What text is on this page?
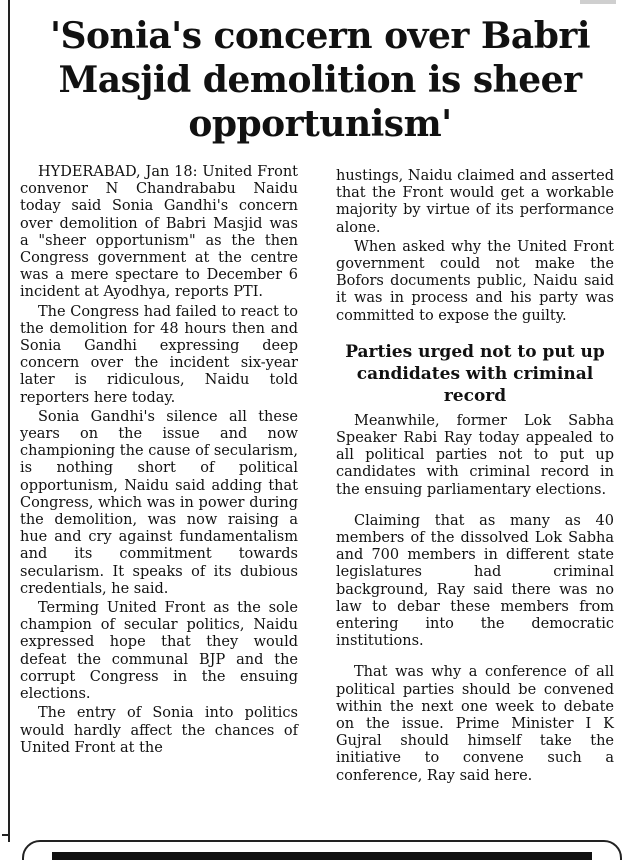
'Sonia's concern over Babri Masjid demolition is sheer opportunism'

HYDERABAD, Jan 18: United Front convenor N Chandrababu Naidu today said Sonia Gandhi's concern over demolition of Babri Masjid was a "sheer opportunism" as the then Congress government at the centre was a mere spectare to December 6 incident at Ayodhya, reports PTI.

The Congress had failed to react to the demolition for 48 hours then and Sonia Gandhi expressing deep concern over the incident six-year later is ridiculous, Naidu told reporters here today.

Sonia Gandhi's silence all these years on the issue and now championing the cause of secularism, is nothing short of political opportunism, Naidu said adding that Congress, which was in power during the demolition, was now raising a hue and cry against fundamentalism and its commitment towards secularism. It speaks of its dubious credentials, he said.

Terming United Front as the sole champion of secular politics, Naidu expressed hope that they would defeat the communal BJP and the corrupt Congress in the ensuing elections.

The entry of Sonia into politics would hardly affect the chances of United Front at the

hustings, Naidu claimed and asserted that the Front would get a workable majority by virtue of its performance alone.

When asked why the United Front government could not make the Bofors documents public, Naidu said it was in process and his party was committed to expose the guilty.

Parties urged not to put up candidates with criminal record

Meanwhile, former Lok Sabha Speaker Rabi Ray today appealed to all political parties not to put up candidates with criminal record in the ensuing parliamentary elections.

Claiming that as many as 40 members of the dissolved Lok Sabha and 700 members in different state legislatures had criminal background, Ray said there was no law to debar these members from entering into the democratic institutions.

That was why a conference of all political parties should be convened within the next one week to debate on the issue. Prime Minister I K Gujral should himself take the initiative to convene such a conference, Ray said here.
